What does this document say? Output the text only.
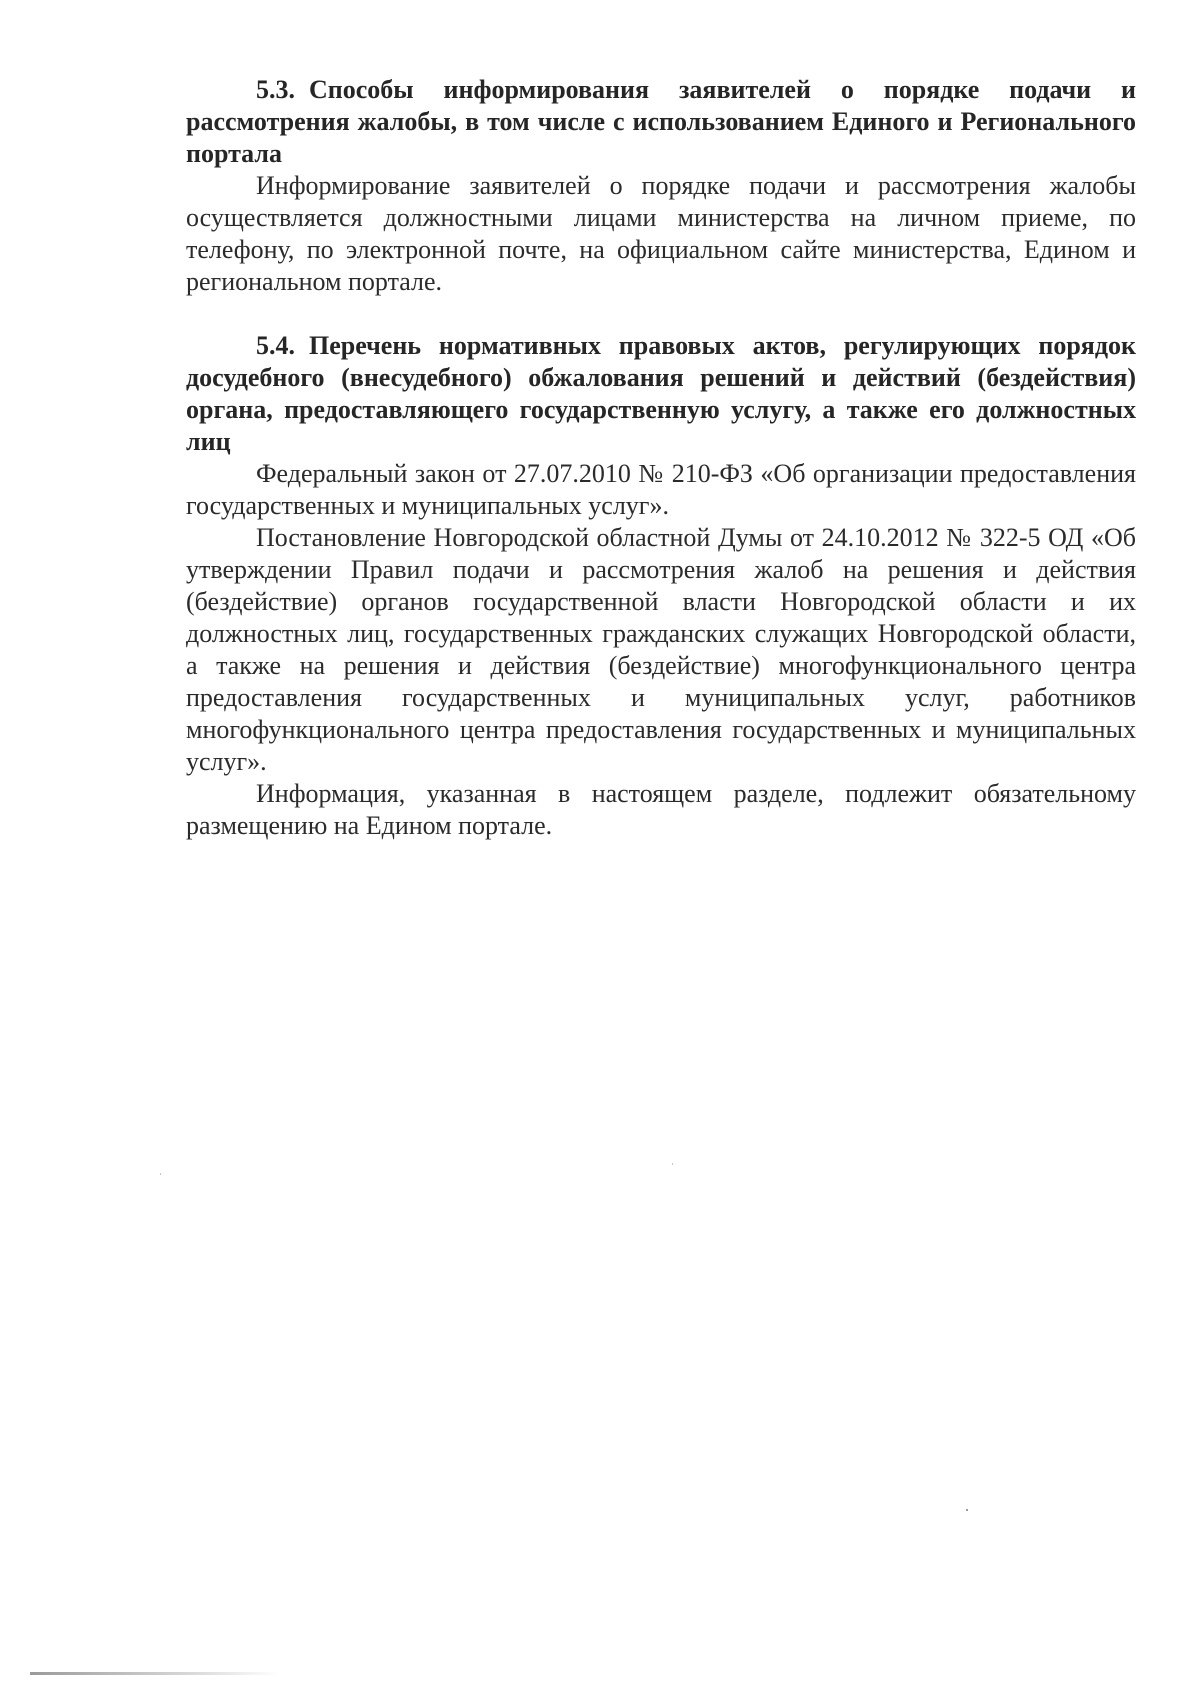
5.3. Способы информирования заявителей о порядке подачи и рассмотрения жалобы, в том числе с использованием Единого и Регионального портала

Информирование заявителей о порядке подачи и рассмотрения жалобы осуществляется должностными лицами министерства на личном приеме, по телефону, по электронной почте, на официальном сайте министерства, Едином и региональном портале.

5.4. Перечень нормативных правовых актов, регулирующих порядок досудебного (внесудебного) обжалования решений и действий (бездействия) органа, предоставляющего государственную услугу, а также его должностных лиц

Федеральный закон от 27.07.2010 № 210-ФЗ «Об организации предоставления государственных и муниципальных услуг».

Постановление Новгородской областной Думы от 24.10.2012 № 322-5 ОД «Об утверждении Правил подачи и рассмотрения жалоб на решения и действия (бездействие) органов государственной власти Новгородской области и их должностных лиц, государственных гражданских служащих Новгородской области, а также на решения и действия (бездействие) многофункционального центра предоставления государственных и муниципальных услуг, работников многофункционального центра предоставления государственных и муниципальных услуг».

Информация, указанная в настоящем разделе, подлежит обязательному размещению на Едином портале.
